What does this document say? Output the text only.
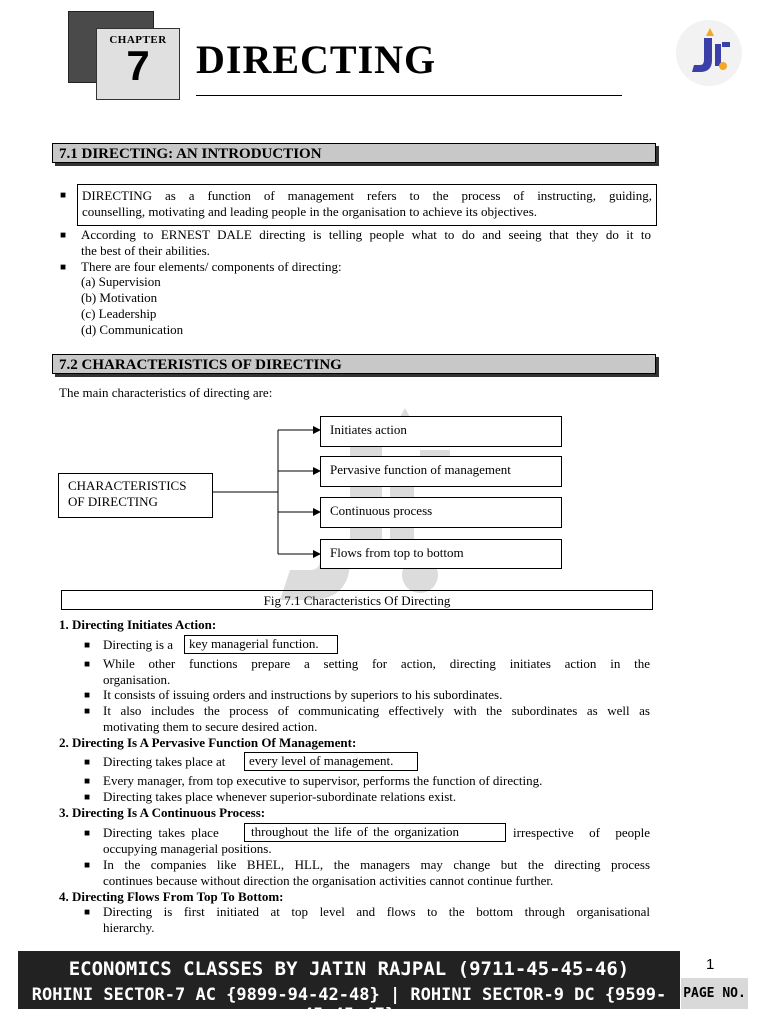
CHAPTER
7	DIRECTING
7.1 DIRECTING: AN INTRODUCTION
■ DIRECTING as a function of management refers to the process of instructing, guiding,
counselling, motivating and leading people in the organisation to achieve its objectives.
■ According to ERNEST DALE directing is telling people what to do and seeing that they do it to
the best of their abilities.
■ There are four elements/ components of directing:
(a) Supervision
(b) Motivation
(c) Leadership
(d) Communication
7.2 CHARACTERISTICS OF DIRECTING
The main characteristics of directing are:
CHARACTERISTICS
OF DIRECTING
Initiates action
Pervasive function of management
Continuous process
Flows from top to bottom
Fig 7.1 Characteristics Of Directing
1. Directing Initiates Action:
■ Directing is a	key managerial function.
■ While other functions prepare a setting for action, directing initiates action in the
organisation.
■ It consists of issuing orders and instructions by superiors to his subordinates.
■ It also includes the process of communicating effectively with the subordinates as well as
motivating them to secure desired action.
2. Directing Is A Pervasive Function Of Management:
■ Directing takes place at	every level of management.
■ Every manager, from top executive to supervisor, performs the function of directing.
■ Directing takes place whenever superior-subordinate relations exist.
3. Directing Is A Continuous Process:
■ Directing takes place	throughout the life of the organization	irrespective of people
occupying managerial positions.
■ In the companies like BHEL, HLL, the managers may change but the directing process
continues because without direction the organisation activities cannot continue further.
4. Directing Flows From Top To Bottom:
■ Directing is first initiated at top level and flows to the bottom through organisational
hierarchy.
ECONOMICS CLASSES BY JATIN RAJPAL (9711-45-45-46)
ROHINI SECTOR-7 AC {9899-94-42-48} | ROHINI SECTOR-9 DC {9599-45-45-47}
1
PAGE NO.
